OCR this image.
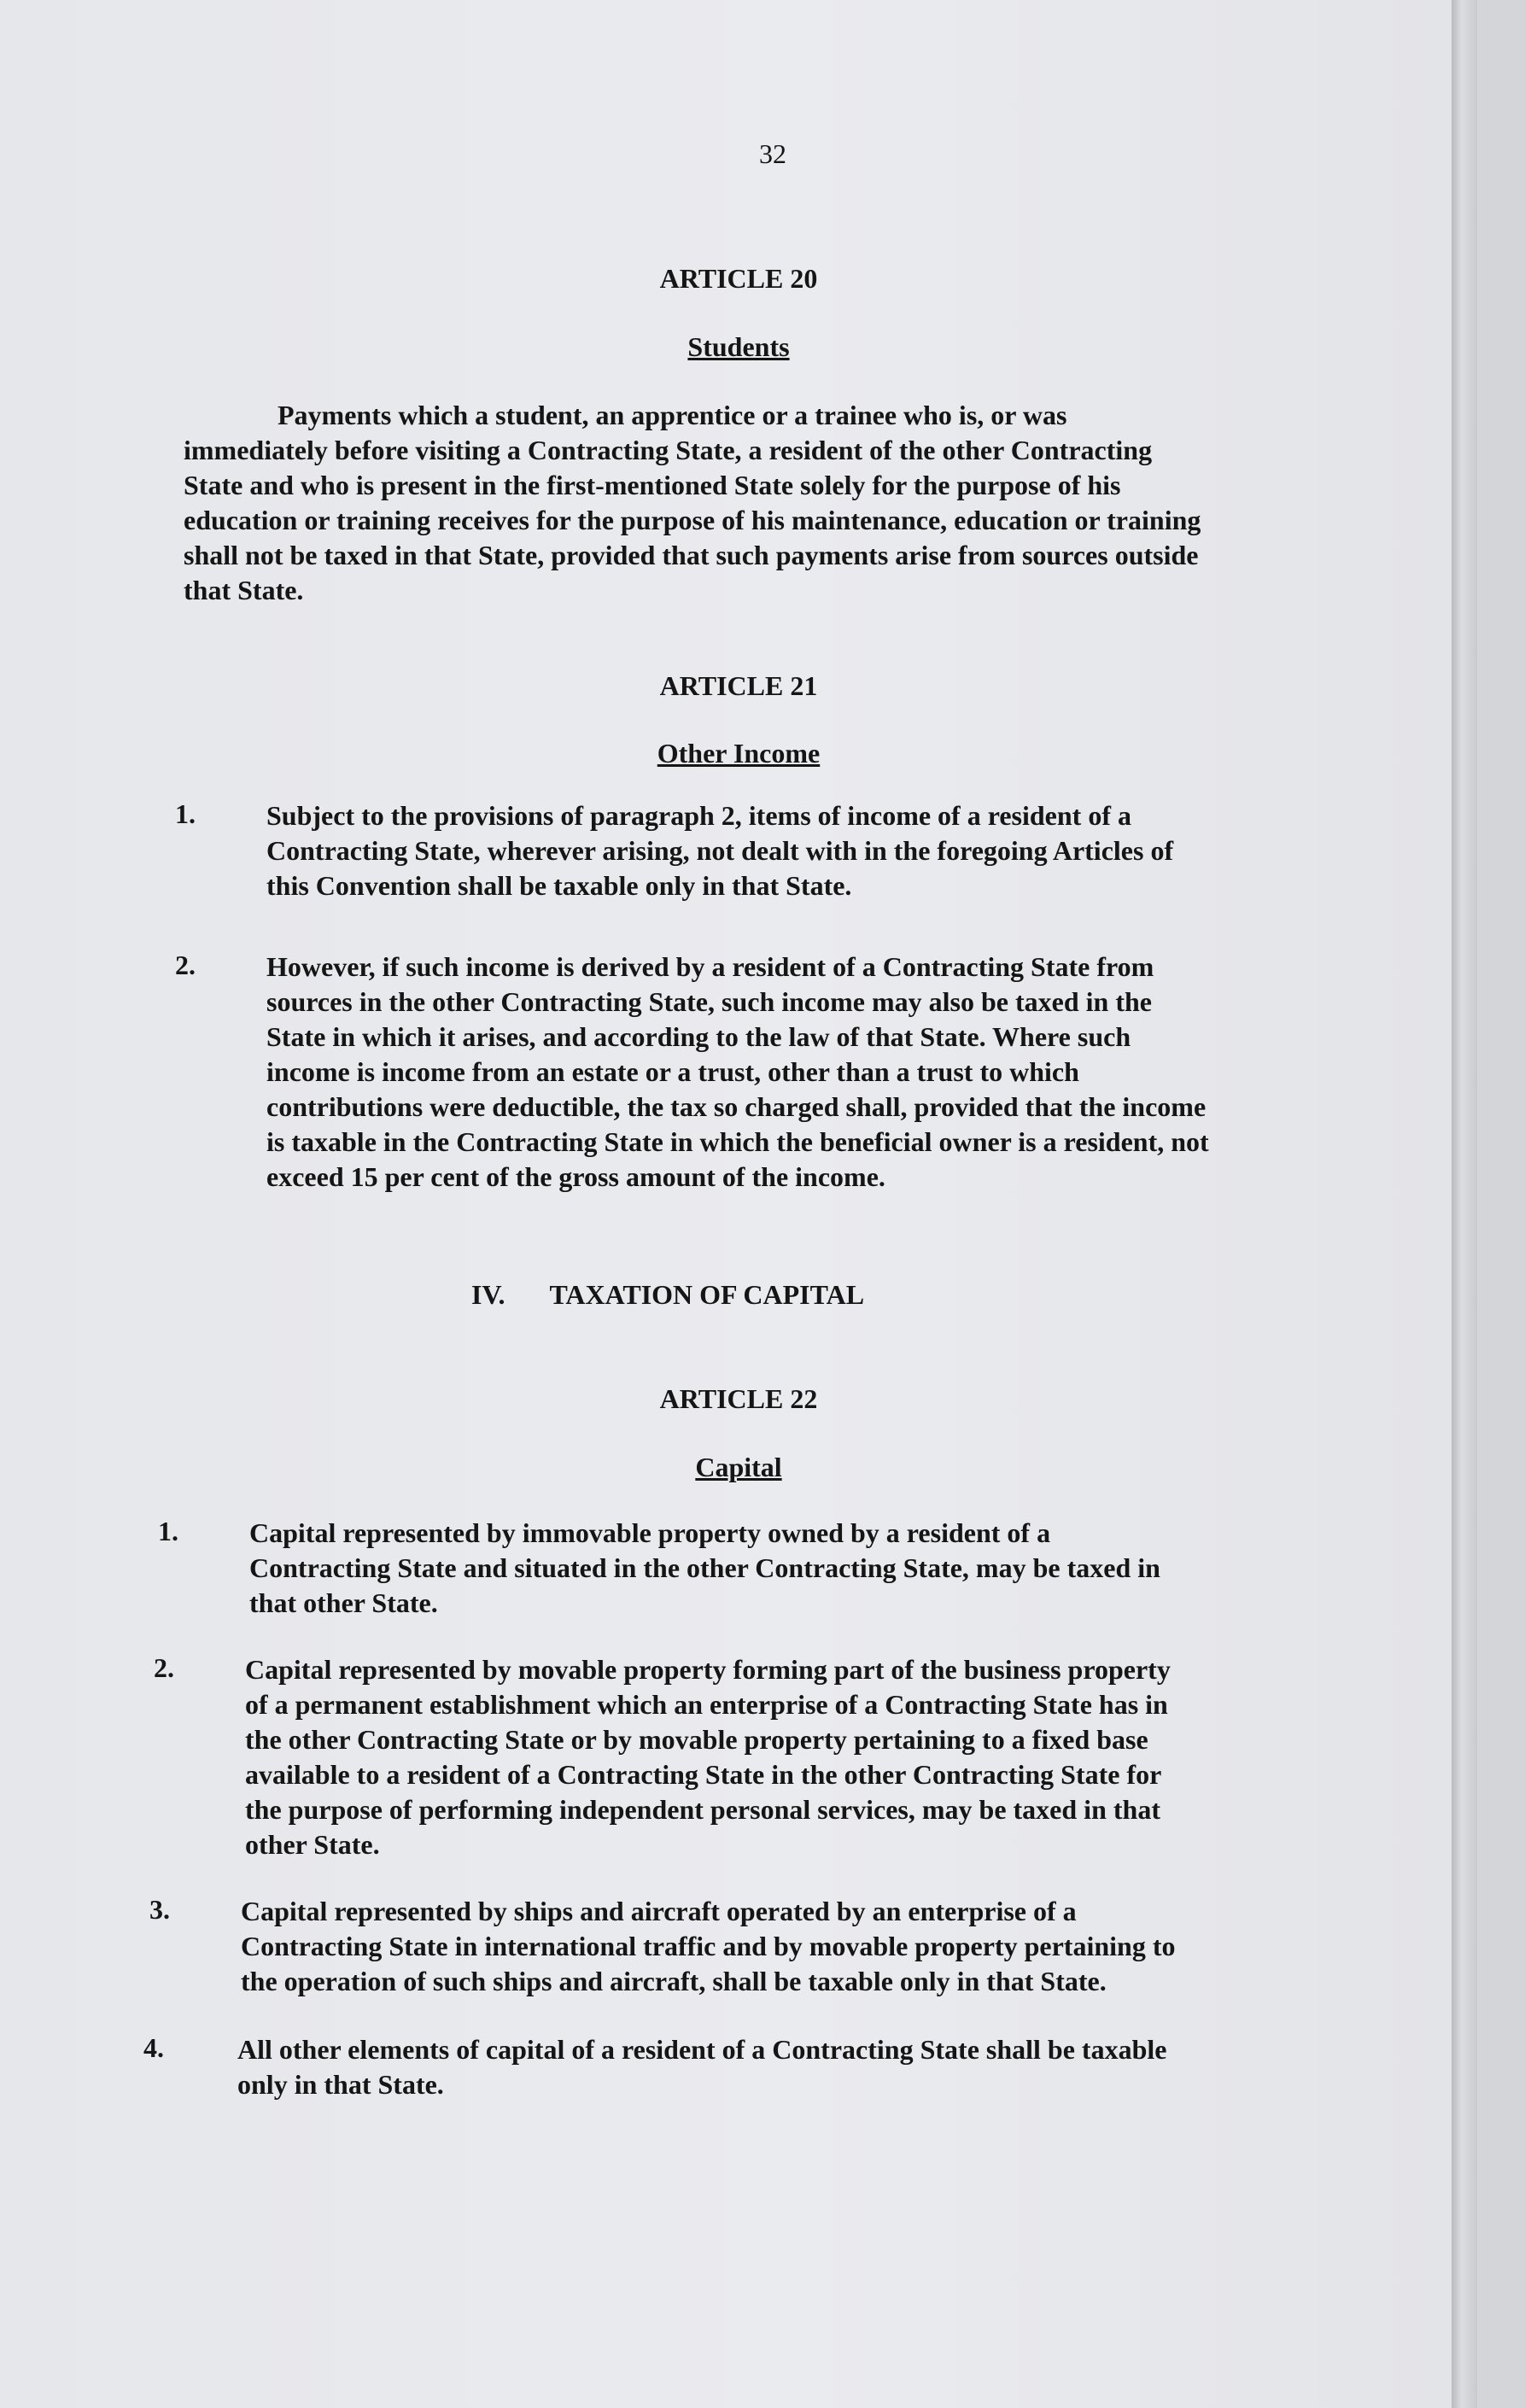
32
ARTICLE 20
Students

Payments which a student, an apprentice or a trainee who is, or was immediately before visiting a Contracting State, a resident of the other Contracting State and who is present in the first-mentioned State solely for the purpose of his education or training receives for the purpose of his maintenance, education or training shall not be taxed in that State, provided that such payments arise from sources outside that State.

ARTICLE 21
Other Income
1.	Subject to the provisions of paragraph 2, items of income of a resident of a Contracting State, wherever arising, not dealt with in the foregoing Articles of this Convention shall be taxable only in that State.
2.	However, if such income is derived by a resident of a Contracting State from sources in the other Contracting State, such income may also be taxed in the State in which it arises, and according to the law of that State. Where such income is income from an estate or a trust, other than a trust to which contributions were deductible, the tax so charged shall, provided that the income is taxable in the Contracting State in which the beneficial owner is a resident, not exceed 15 per cent of the gross amount of the income.
IV. TAXATION OF CAPITAL
ARTICLE 22
Capital
1.	Capital represented by immovable property owned by a resident of a Contracting State and situated in the other Contracting State, may be taxed in that other State.
2.	Capital represented by movable property forming part of the business property of a permanent establishment which an enterprise of a Contracting State has in the other Contracting State or by movable property pertaining to a fixed base available to a resident of a Contracting State in the other Contracting State for the purpose of performing independent personal services, may be taxed in that other State.
3.	Capital represented by ships and aircraft operated by an enterprise of a Contracting State in international traffic and by movable property pertaining to the operation of such ships and aircraft, shall be taxable only in that State.
4.	All other elements of capital of a resident of a Contracting State shall be taxable only in that State.
